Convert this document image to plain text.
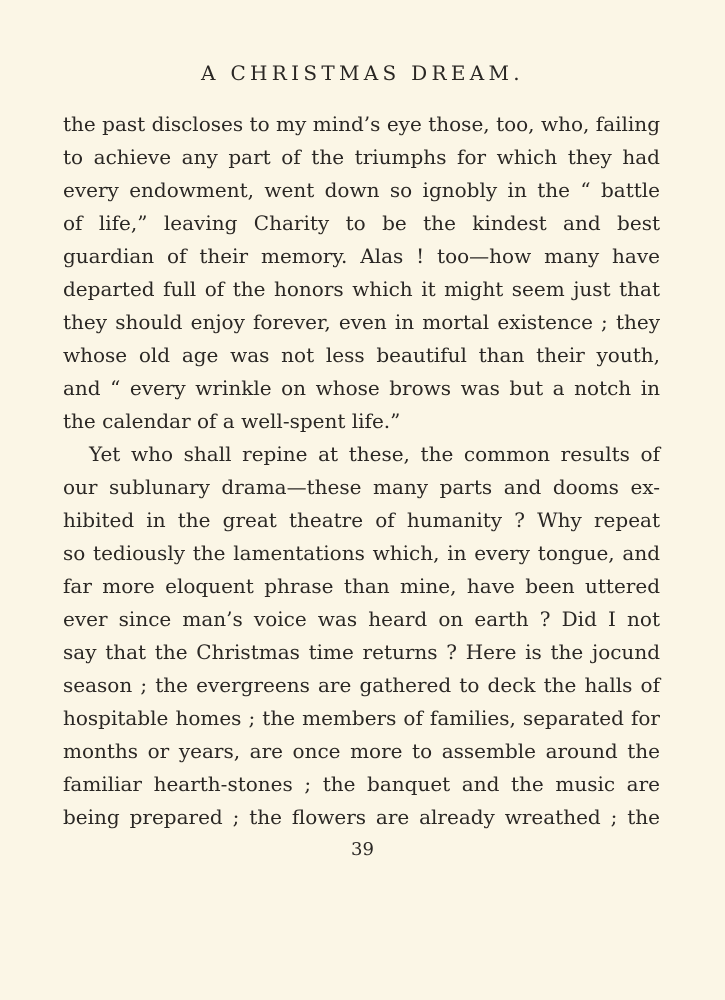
A CHRISTMAS DREAM.
the past discloses to my mind’s eye those, too, who, failing
to achieve any part of the triumphs for which they had
every endowment, went down so ignobly in the “ battle
of life,” leaving Charity to be the kindest and best
guardian of their memory. Alas ! too—how many have
departed full of the honors which it might seem just that
they should enjoy forever, even in mortal existence ; they
whose old age was not less beautiful than their youth,
and “ every wrinkle on whose brows was but a notch in
the calendar of a well-spent life.”
Yet who shall repine at these, the common results of
our sublunary drama—these many parts and dooms ex-
hibited in the great theatre of humanity ? Why repeat
so tediously the lamentations which, in every tongue, and
far more eloquent phrase than mine, have been uttered
ever since man’s voice was heard on earth ? Did I not
say that the Christmas time returns ? Here is the jocund
season ; the evergreens are gathered to deck the halls of
hospitable homes ; the members of families, separated for
months or years, are once more to assemble around the
familiar hearth-stones ; the banquet and the music are
being prepared ; the flowers are already wreathed ; the
39
